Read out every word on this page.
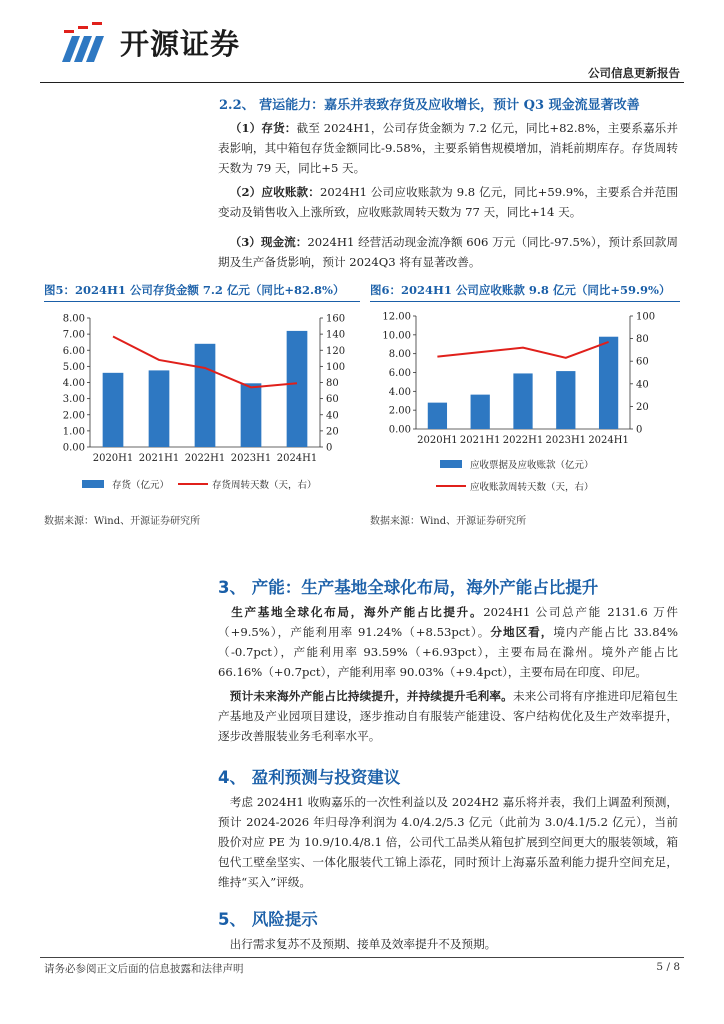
开源证券
公司信息更新报告
2.2、 营运能力：嘉乐并表致存货及应收增长，预计 Q3 现金流显著改善
 （1）存货：截至 2024H1，公司存货金额为 7.2 亿元，同比+82.8%，主要系嘉乐并表影响，其中箱包存货金额同比-9.58%，主要系销售规模增加，消耗前期库存。存货周转天数为 79 天，同比+5 天。
 （2）应收账款：2024H1 公司应收账款为 9.8 亿元，同比+59.9%，主要系合并范围变动及销售收入上涨所致，应收账款周转天数为 77 天，同比+14 天。
 （3）现金流：2024H1 经营活动现金流净额 606 万元（同比-97.5%），预计系回款周期及生产备货影响，预计 2024Q3 将有显著改善。
图5：2024H1 公司存货金额 7.2 亿元（同比+82.8%） 图6：2024H1 公司应收账款 9.8 亿元（同比+59.9%）
0.00
1.00
2.00
3.00
4.00
5.00
6.00
7.00
8.00
0
20
40
60
80
100
120
140
160
2020H1 2021H1 2022H1 2023H1 2024H1
存货（亿元）	存货周转天数（天，右）
0.00
2.00
4.00
6.00
8.00
10.00
12.00
0
20
40
60
80
100
2020H1 2021H1 2022H1 2023H1 2024H1
应收票据及应收账款（亿元）
应收账款周转天数（天，右）
数据来源：Wind、开源证券研究所	数据来源：Wind、开源证券研究所
3、 产能：生产基地全球化布局，海外产能占比提升
 生产基地全球化布局，海外产能占比提升。2024H1 公司总产能 2131.6 万件（+9.5%），产能利用率 91.24%（+8.53pct）。分地区看，境内产能占比 33.84%（-0.7pct），产能利用率 93.59%（+6.93pct），主要布局在滁州。境外产能占比 66.16%（+0.7pct），产能利用率 90.03%（+9.4pct），主要布局在印度、印尼。
 预计未来海外产能占比持续提升，并持续提升毛利率。未来公司将有序推进印尼箱包生产基地及产业园项目建设，逐步推动自有服装产能建设、客户结构优化及生产效率提升，逐步改善服装业务毛利率水平。
4、 盈利预测与投资建议
 考虑 2024H1 收购嘉乐的一次性利益以及 2024H2 嘉乐将并表，我们上调盈利预测，预计 2024-2026 年归母净利润为 4.0/4.2/5.3 亿元（此前为 3.0/4.1/5.2 亿元），当前股价对应 PE 为 10.9/10.4/8.1 倍，公司代工品类从箱包扩展到空间更大的服装领域，箱包代工壁垒坚实、一体化服装代工锦上添花，同时预计上海嘉乐盈利能力提升空间充足，维持“买入”评级。
5、 风险提示
 出行需求复苏不及预期、接单及效率提升不及预期。
请务必参阅正文后面的信息披露和法律声明	5 / 8
